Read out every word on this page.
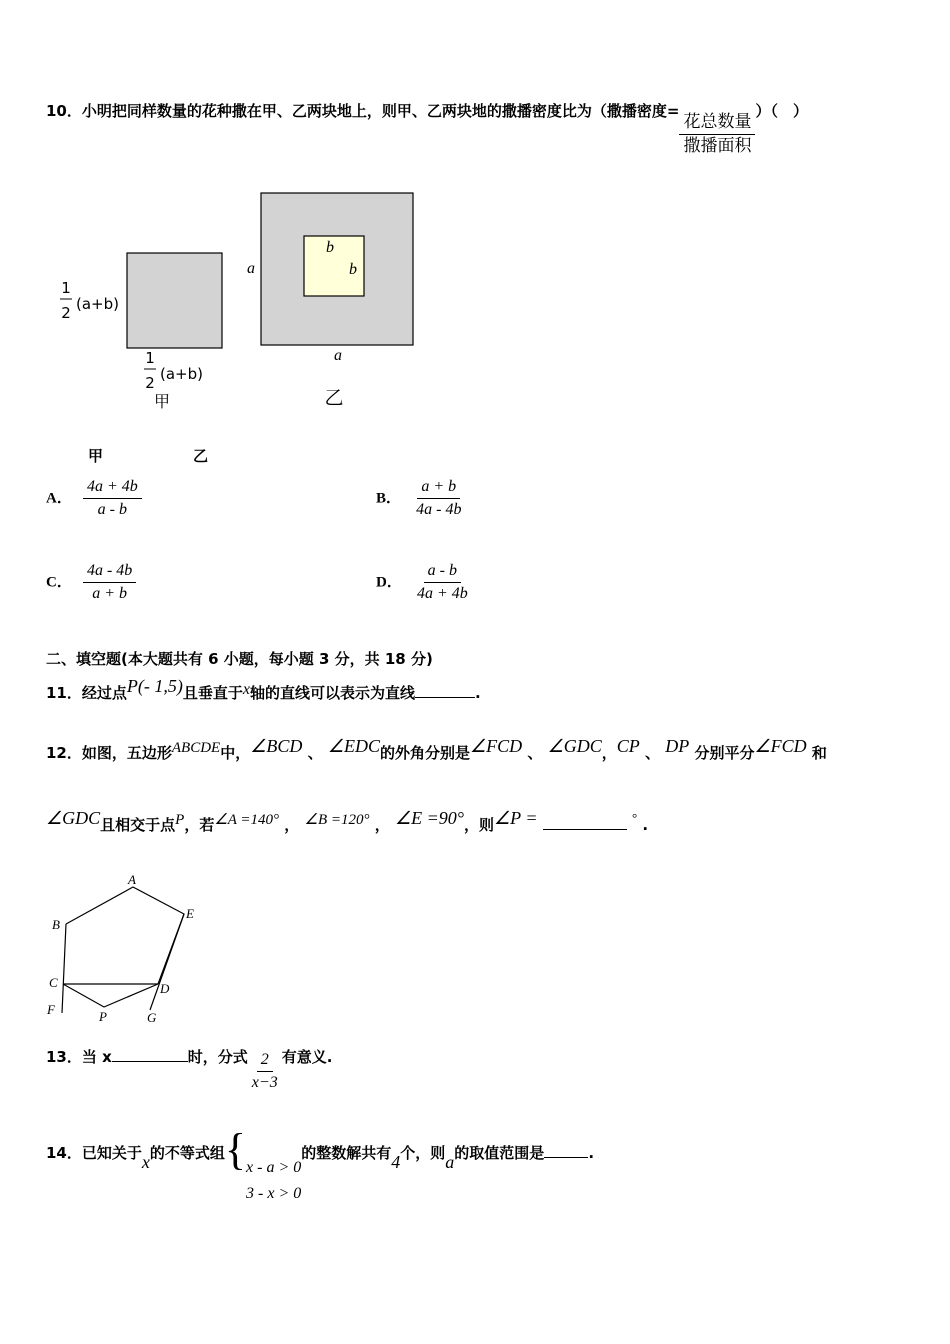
10．小明把同样数量的花种撒在甲、乙两块地上，则甲、乙两块地的撒播密度比为（撒播密度=
$\frac{\text{花总数量}}{\text{撒播面积}}$
）（　）
1
2 (a+b)
1
2 (a+b)
甲
a
a
b
b
乙
甲	乙
A． $\frac{4a + 4b}{a - b}$	B． $\frac{a + b}{4a - 4b}$
C． $\frac{4a - 4b}{a + b}$	D． $\frac{a - b}{4a + 4b}$
二、填空题(本大题共有 6 小题，每小题 3 分，共 18 分)
11．经过点P(- 1,5)且垂直于x轴的直线可以表示为直线	.
12．如图，五边形ABCDE中，∠BCD 、 ∠EDC的外角分别是∠FCD 、 ∠GDC，CP 、 DP 分别平分∠FCD 和
∠GDC且相交于点P，若∠A =140° ， ∠B =120° ， ∠E =90°，则∠P =	° .
A
B
E
C	D
F	P	G
13．当 x	时，分式 $\frac{2}{x-3}$ 有意义.
14．已知关于x的不等式组{ x - a > 0
3 - x > 0
的整数解共有4个，则a的取值范围是	.
